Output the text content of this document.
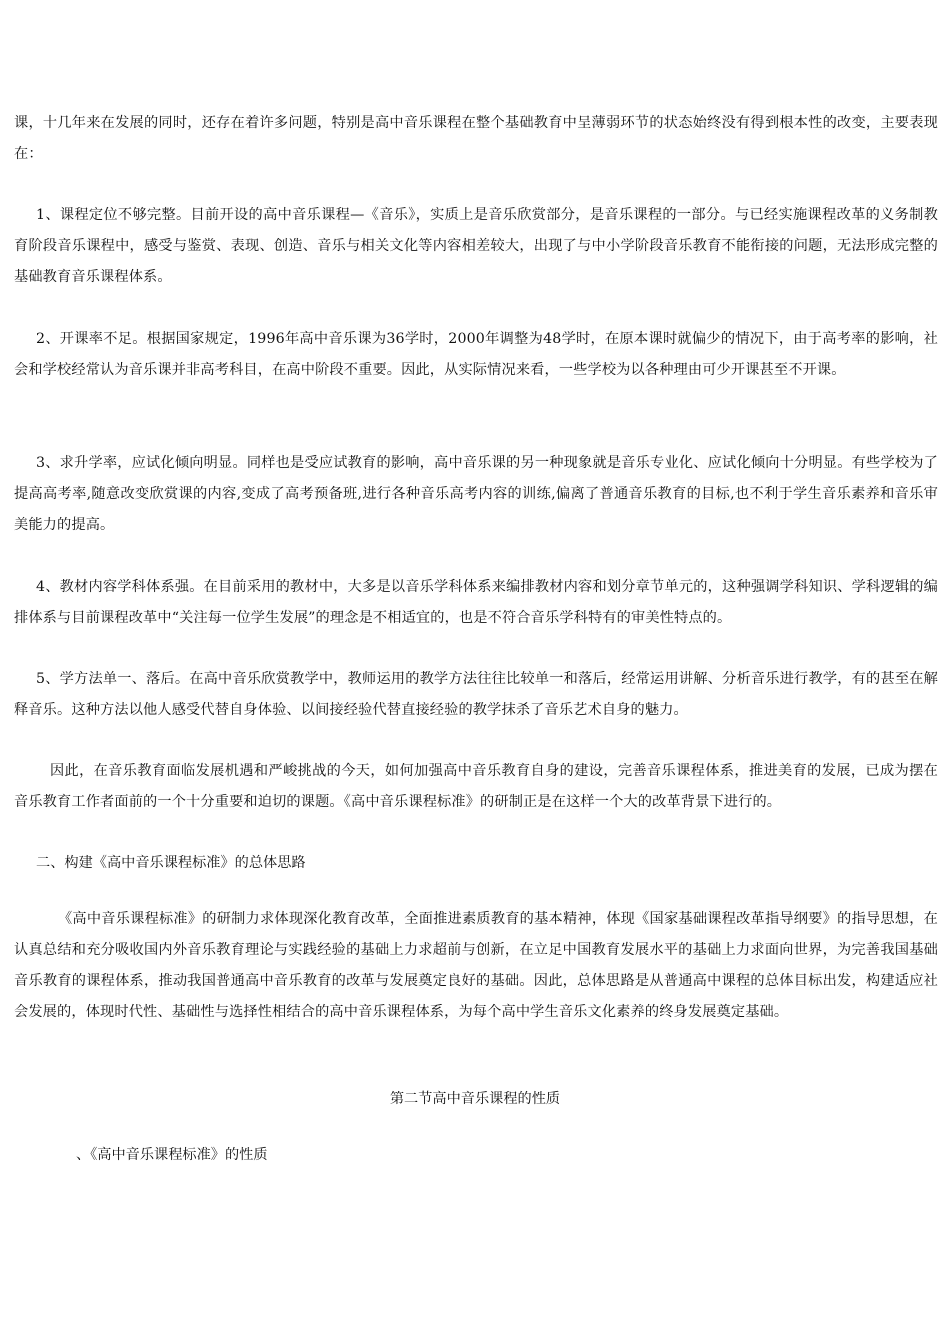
课，十几年来在发展的同时，还存在着许多问题，特别是高中音乐课程在整个基础教育中呈薄弱环节的状态始终没有得到根本性的改变，主要表现在：

1、课程定位不够完整。目前开设的高中音乐课程—《音乐》，实质上是音乐欣赏部分，是音乐课程的一部分。与已经实施课程改革的义务制教育阶段音乐课程中，感受与鉴赏、表现、创造、音乐与相关文化等内容相差较大，出现了与中小学阶段音乐教育不能衔接的问题，无法形成完整的基础教育音乐课程体系。

2、开课率不足。根据国家规定，1996年高中音乐课为36学时，2000年调整为48学时，在原本课时就偏少的情况下，由于高考率的影响，社会和学校经常认为音乐课并非高考科目，在高中阶段不重要。因此，从实际情况来看，一些学校为以各种理由可少开课甚至不开课。

3、求升学率，应试化倾向明显。同样也是受应试教育的影响，高中音乐课的另一种现象就是音乐专业化、应试化倾向十分明显。有些学校为了提高高考率,随意改变欣赏课的内容,变成了高考预备班,进行各种音乐高考内容的训练,偏离了普通音乐教育的目标,也不利于学生音乐素养和音乐审美能力的提高。

4、教材内容学科体系强。在目前采用的教材中，大多是以音乐学科体系来编排教材内容和划分章节单元的，这种强调学科知识、学科逻辑的编排体系与目前课程改革中“关注每一位学生发展”的理念是不相适宜的，也是不符合音乐学科特有的审美性特点的。

5、学方法单一、落后。在高中音乐欣赏教学中，教师运用的教学方法往往比较单一和落后，经常运用讲解、分析音乐进行教学，有的甚至在解释音乐。这种方法以他人感受代替自身体验、以间接经验代替直接经验的教学抹杀了音乐艺术自身的魅力。

因此，在音乐教育面临发展机遇和严峻挑战的今天，如何加强高中音乐教育自身的建设，完善音乐课程体系，推进美育的发展，已成为摆在音乐教育工作者面前的一个十分重要和迫切的课题。《高中音乐课程标准》的研制正是在这样一个大的改革背景下进行的。

二、构建《高中音乐课程标准》的总体思路

《高中音乐课程标准》的研制力求体现深化教育改革，全面推进素质教育的基本精神，体现《国家基础课程改革指导纲要》的指导思想，在认真总结和充分吸收国内外音乐教育理论与实践经验的基础上力求超前与创新，在立足中国教育发展水平的基础上力求面向世界，为完善我国基础音乐教育的课程体系，推动我国普通高中音乐教育的改革与发展奠定良好的基础。因此，总体思路是从普通高中课程的总体目标出发，构建适应社会发展的，体现时代性、基础性与选择性相结合的高中音乐课程体系，为每个高中学生音乐文化素养的终身发展奠定基础。

第二节高中音乐课程的性质

、《高中音乐课程标准》的性质
